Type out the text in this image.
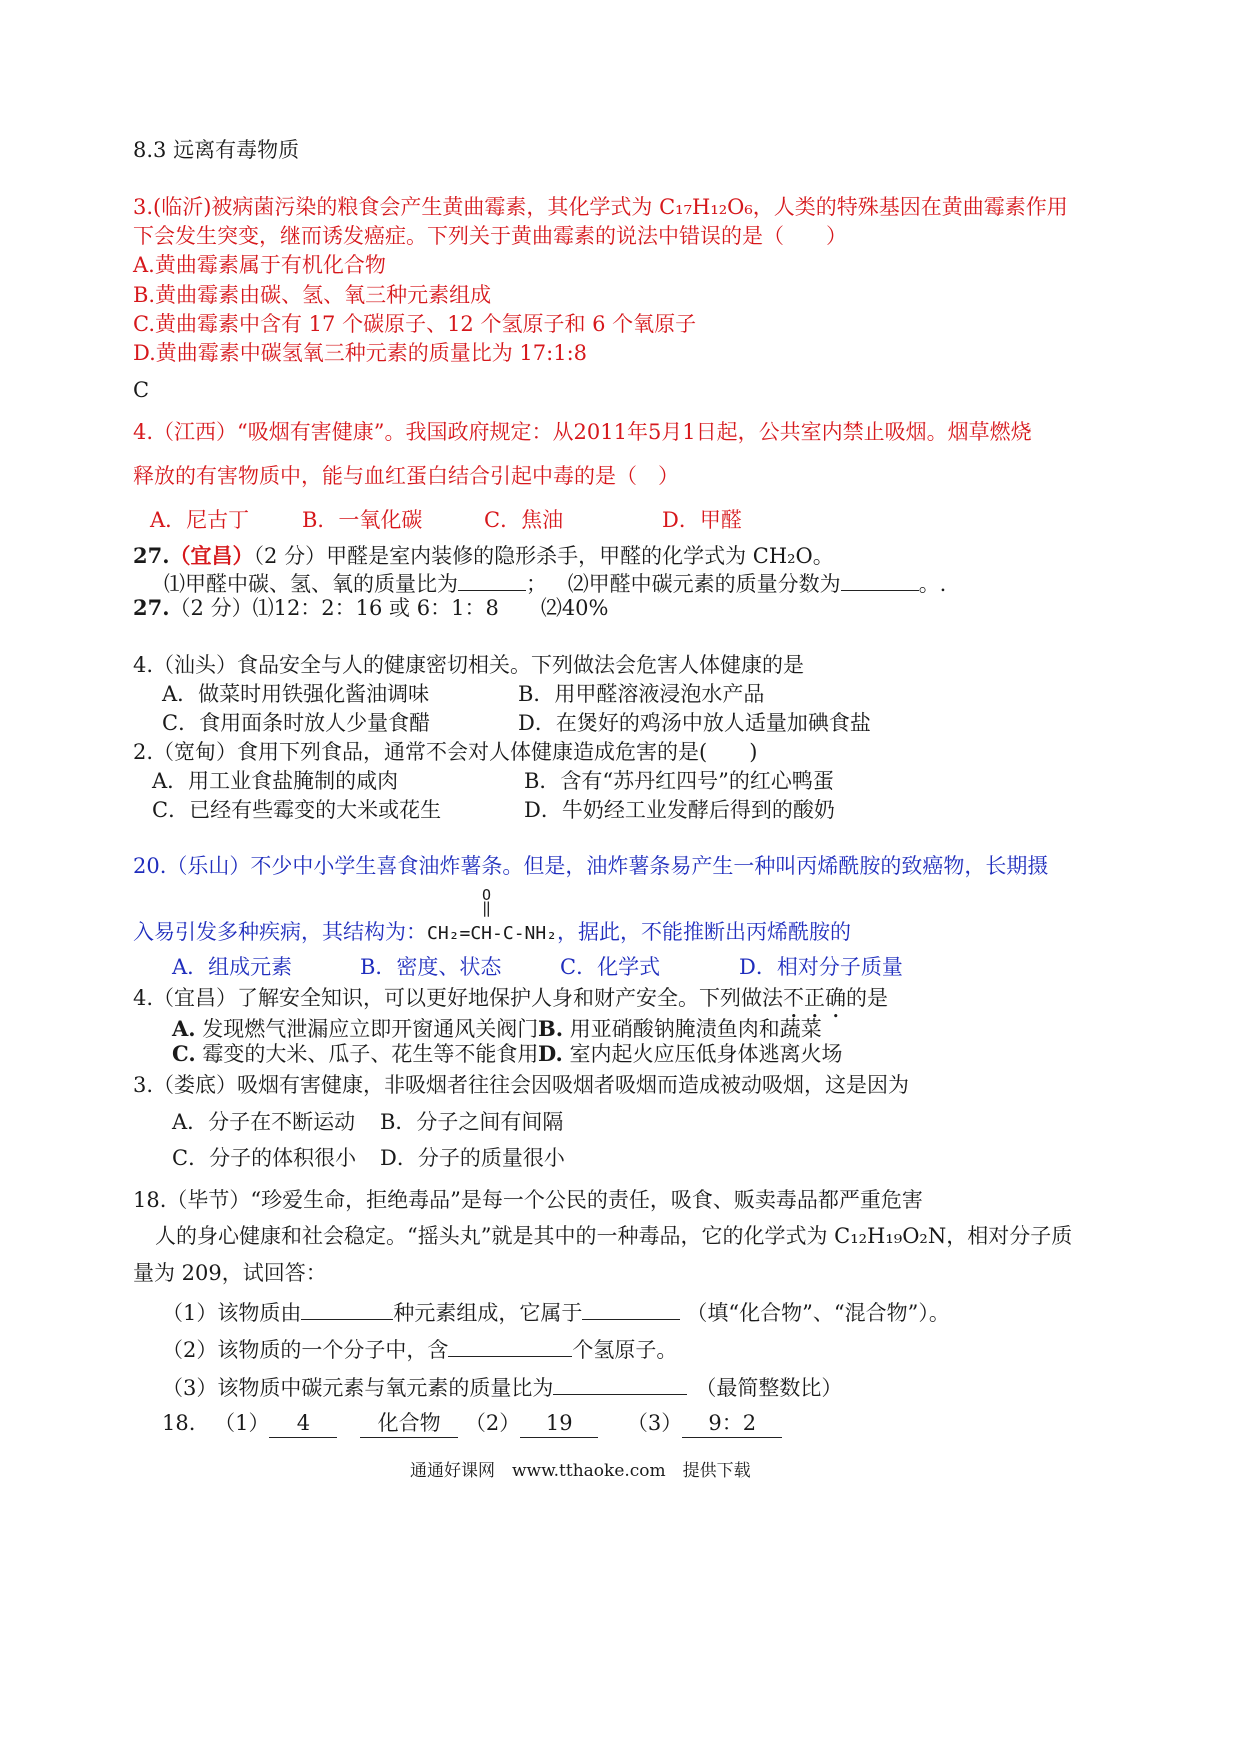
8.3 远离有毒物质
3.(临沂)被病菌污染的粮食会产生黄曲霉素，其化学式为 C₁₇H₁₂O₆，人类的特殊基因在黄曲霉素作用
下会发生突变，继而诱发癌症。下列关于黄曲霉素的说法中错误的是（　　）
A.黄曲霉素属于有机化合物
B.黄曲霉素由碳、氢、氧三种元素组成
C.黄曲霉素中含有 17 个碳原子、12 个氢原子和 6 个氧原子
D.黄曲霉素中碳氢氧三种元素的质量比为 17:1:8
C
4.（江西）“吸烟有害健康”。我国政府规定：从2011年5月1日起，公共室内禁止吸烟。烟草燃烧
释放的有害物质中，能与血红蛋白结合引起中毒的是（　）
A．尼古丁	B．一氧化碳	C．焦油	D．甲醛
27.（宜昌）（2 分）甲醛是室内装修的隐形杀手，甲醛的化学式为 CH₂O。
⑴甲醛中碳、氢、氧的质量比为	； ⑵甲醛中碳元素的质量分数为	。.
27.（2 分）⑴12：2：16 或 6：1：8　　⑵40%
4.（汕头）食品安全与人的健康密切相关。下列做法会危害人体健康的是
A．做菜时用铁强化酱油调味	B．用甲醛溶液浸泡水产品
C．食用面条时放人少量食醋	D．在煲好的鸡汤中放人适量加碘食盐
2.（宽甸）食用下列食品，通常不会对人体健康造成危害的是(　　)
A．用工业食盐腌制的咸肉	B．含有“苏丹红四号”的红心鸭蛋
C．已经有些霉变的大米或花生	D．牛奶经工业发酵后得到的酸奶
20.（乐山）不少中小学生喜食油炸薯条。但是，油炸薯条易产生一种叫丙烯酰胺的致癌物，长期摄
O
‖
入易引发多种疾病，其结构为：CH₂=CH-C-NH₂，据此，不能推断出丙烯酰胺的
A．组成元素	B．密度、状态	C．化学式	D．相对分子质量
4.（宜昌）了解安全知识，可以更好地保护人身和财产安全。下列做法不正确的是
A. 发现燃气泄漏应立即开窗通风关阀门 B. 用亚硝酸钠腌渍鱼肉和蔬菜
C. 霉变的大米、瓜子、花生等不能食用 D. 室内起火应压低身体逃离火场
3.（娄底）吸烟有害健康，非吸烟者往往会因吸烟者吸烟而造成被动吸烟，这是因为
A．分子在不断运动 B．分子之间有间隔
C．分子的体积很小 D．分子的质量很小
18.（毕节）“珍爱生命，拒绝毒品”是每一个公民的责任，吸食、贩卖毒品都严重危害
人的身心健康和社会稳定。“摇头丸”就是其中的一种毒品，它的化学式为 C₁₂H₁₉O₂N，相对分子质
量为 209，试回答：
（1）该物质由	种元素组成，它属于	（填“化合物”、“混合物”）。
（2）该物质的一个分子中，含	个氢原子。
（3）该物质中碳元素与氧元素的质量比为	（最简整数比）
18. （1） 4	化合物 （2） 19	（3） 9：2
通通好课网　www.tthaoke.com　提供下载
